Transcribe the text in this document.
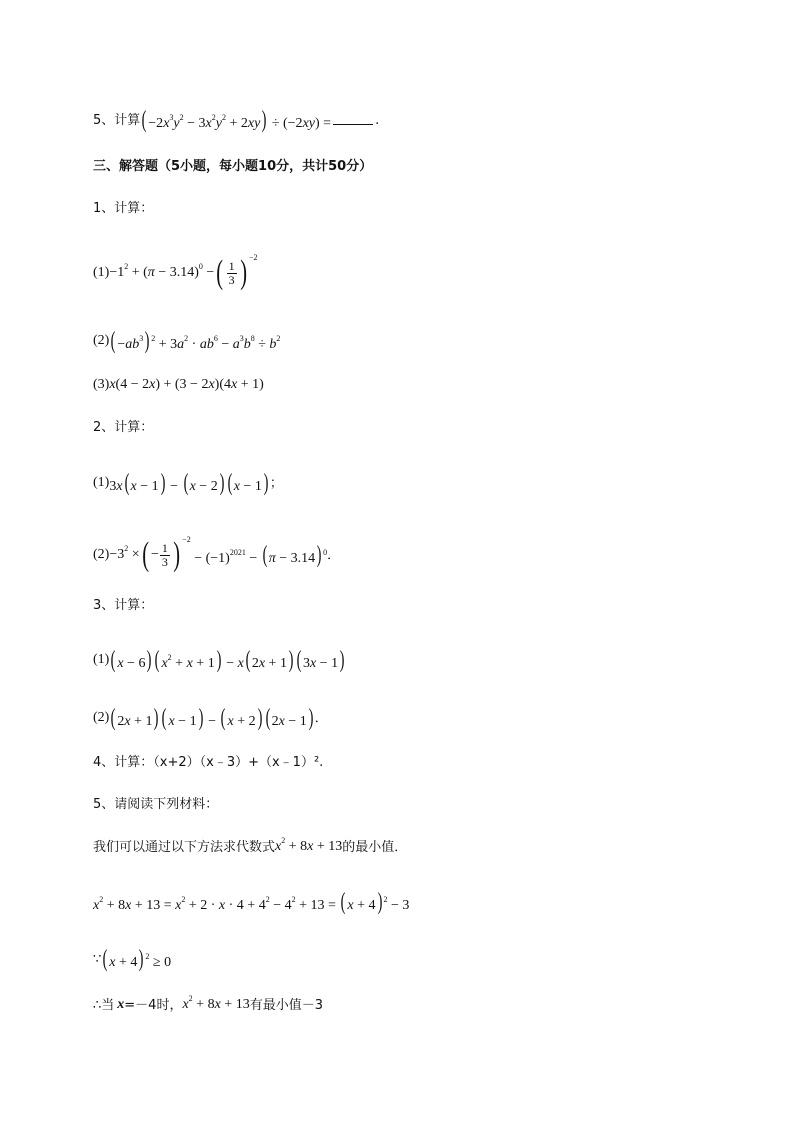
5、计算 ( $-2x^3y^2 - 3x^2y^2 + 2xy) \div (-2xy)$ =	.
三、解答题（5小题，每小题10分，共计50分）
1、计算：
$(1) -1^2 + (\pi - 3.14)^0$ − ( $\frac{1}{3}$ ) −2
(2) ( $-ab^3$) $^2 + 3a^2 \cdot ab^6 - a^3b^8 \div b^2$
(3) x(4 − 2x) + (3 − 2x)(4x + 1)
2、计算：
(1) 3x( x − 1) − ( x − 2) ( x − 1) ；
$(2) -3^2$ × ( − $\frac{1}{3}$ ) −2
− $(-1)^{2021}$ − ( π − 3.14) $^0$ ．
3、计算：
(1) ( x − 6) ( $x^2 + x + 1) - x$( 2x + 1) ( 3x − 1)
(2) ( 2x + 1) ( x − 1) − ( x + 2) ( 2x − 1) ．
4、计算：（x+2）（x﹣3）+（x﹣1）².
5、请阅读下列材料：
我们可以通过以下方法求代数式 $x^2 + 8x + 13$ 的最小值．
$x^2 + 8x + 13 = x^2 + 2 \cdot x \cdot 4 + 4^2 - 4^2 + 13$ = ( x + 4) $^2$ − 3
∵ ( x + 4) $^2$ ≥ 0
∴当 x =－4时， $x^2 + 8x + 13$ 有最小值－3
